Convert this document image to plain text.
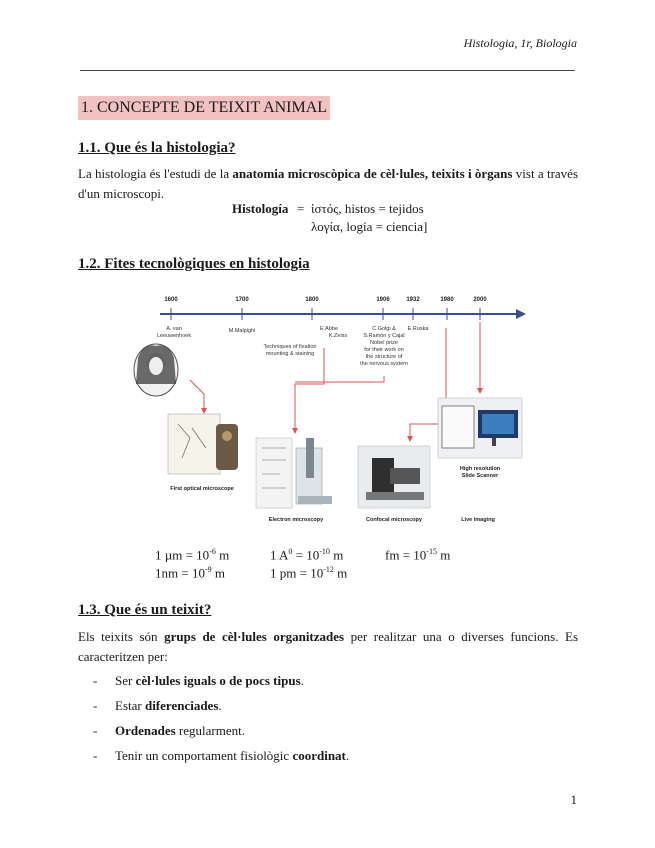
Histologia, 1r, Biologia
1. CONCEPTE DE TEIXIT ANIMAL
1.1. Que és la histologia?
La histologia és l'estudi de la anatomia microscòpica de cèl·lules, teixits i òrgans vist a través d'un microscopi.
Histología = ἱστός, histos = tejidos
λογία, logía = ciencia]
1.2. Fites tecnològiques en histologia
1600	1700	1800	1906	1932	1980	2000
A. van
Leeuwenhoek
M.Malpighi
Techniques of fixation
mounting & staining
E.Abbe
K.Zeiss
C.Golgi &
S.Ramón y Cajal
Nobel prize
for their work on
the structure of
the nervous system
E.Ruska
First optical microscope
Electron microscopy	Confocal microscopy	Live imaging
High resolution
Slide Scanner
1 $\mu m = 10^{-6}$ m	1 $A^0 = 10^{-10}$ m	fm = $10^{-15}$ m
$1nm = 10^{-9}$ m	1 pm = $10^{-12}$ m
1.3. Que és un teixit?
Els teixits són grups de cèl·lules organitzades per realitzar una o diverses funcions. Es caracteritzen per:
- Ser cèl·lules iguals o de pocs tipus.
- Estar diferenciades.
- Ordenades regularment.
- Tenir un comportament fisiològic coordinat.
1
